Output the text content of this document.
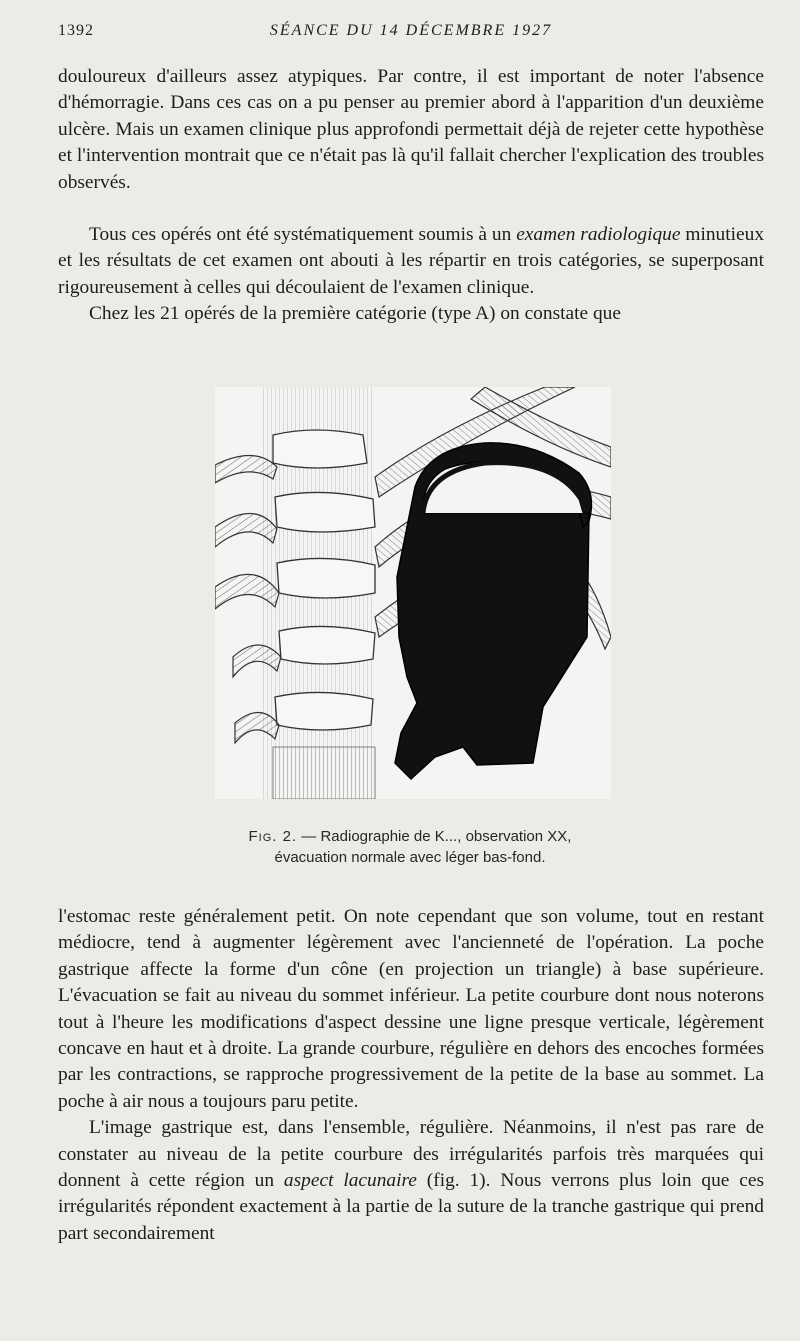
1392	SÉANCE DU 14 DÉCEMBRE 1927

douloureux d'ailleurs assez atypiques. Par contre, il est important de noter l'absence d'hémorragie. Dans ces cas on a pu penser au premier abord à l'apparition d'un deuxième ulcère. Mais un examen clinique plus approfondi permettait déjà de rejeter cette hypothèse et l'intervention montrait que ce n'était pas là qu'il fallait chercher l'explication des troubles observés.

Tous ces opérés ont été systématiquement soumis à un examen radiologique minutieux et les résultats de cet examen ont abouti à les répartir en trois catégories, se superposant rigoureusement à celles qui découlaient de l'examen clinique.

Chez les 21 opérés de la première catégorie (type A) on constate que

Fig. 2. — Radiographie de K..., observation XX,
évacuation normale avec léger bas-fond.

l'estomac reste généralement petit. On note cependant que son volume, tout en restant médiocre, tend à augmenter légèrement avec l'ancienneté de l'opération. La poche gastrique affecte la forme d'un cône (en projection un triangle) à base supérieure. L'évacuation se fait au niveau du sommet inférieur. La petite courbure dont nous noterons tout à l'heure les modifications d'aspect dessine une ligne presque verticale, légèrement concave en haut et à droite. La grande courbure, régulière en dehors des encoches formées par les contractions, se rapproche progressivement de la petite de la base au sommet. La poche à air nous a toujours paru petite.

L'image gastrique est, dans l'ensemble, régulière. Néanmoins, il n'est pas rare de constater au niveau de la petite courbure des irrégularités parfois très marquées qui donnent à cette région un aspect lacunaire (fig. 1). Nous verrons plus loin que ces irrégularités répondent exactement à la partie de la suture de la tranche gastrique qui prend part secondairement
